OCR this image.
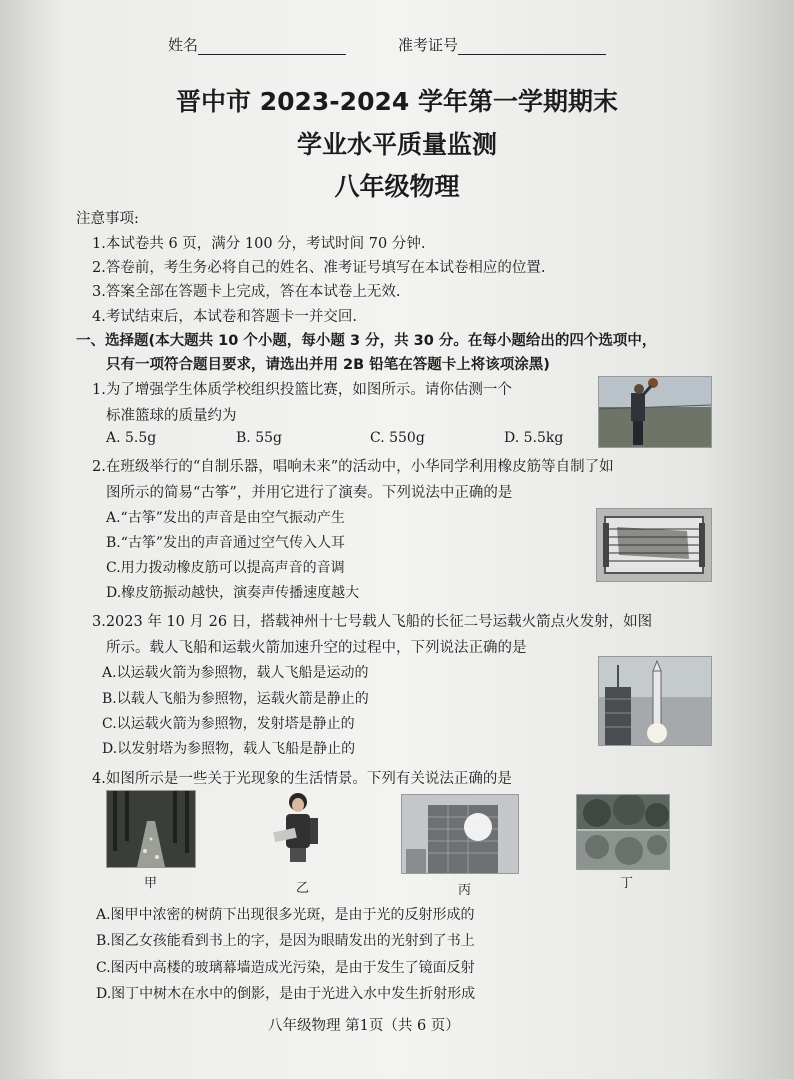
姓名	准考证号
晋中市 2023-2024 学年第一学期期末
学业水平质量监测
八年级物理
注意事项:
1.本试卷共 6 页，满分 100 分，考试时间 70 分钟.
2.答卷前，考生务必将自己的姓名、准考证号填写在本试卷相应的位置.
3.答案全部在答题卡上完成，答在本试卷上无效.
4.考试结束后，本试卷和答题卡一并交回.
一、选择题(本大题共 10 个小题，每小题 3 分，共 30 分。在每小题给出的四个选项中，
只有一项符合题目要求，请选出并用 2B 铅笔在答题卡上将该项涂黑)
1.为了增强学生体质学校组织投篮比赛，如图所示。请你估测一个
标准篮球的质量约为
A. 5.5g	B. 55g	C. 550g	D. 5.5kg
2.在班级举行的“自制乐器，唱响未来”的活动中，小华同学利用橡皮筋等自制了如
图所示的简易“古筝”，并用它进行了演奏。下列说法中正确的是
A.“古筝”发出的声音是由空气振动产生
B.“古筝”发出的声音通过空气传入人耳
C.用力拨动橡皮筋可以提高声音的音调
D.橡皮筋振动越快，演奏声传播速度越大
3.2023 年 10 月 26 日，搭载神州十七号载人飞船的长征二号运载火箭点火发射，如图
所示。载人飞船和运载火箭加速升空的过程中，下列说法正确的是
A.以运载火箭为参照物，载人飞船是运动的
B.以载人飞船为参照物，运载火箭是静止的
C.以运载火箭为参照物，发射塔是静止的
D.以发射塔为参照物，载人飞船是静止的
4.如图所示是一些关于光现象的生活情景。下列有关说法正确的是
甲	乙	丙	丁
A.图甲中浓密的树荫下出现很多光斑，是由于光的反射形成的
B.图乙女孩能看到书上的字，是因为眼睛发出的光射到了书上
C.图丙中高楼的玻璃幕墙造成光污染，是由于发生了镜面反射
D.图丁中树木在水中的倒影，是由于光进入水中发生折射形成
八年级物理 第1页（共 6 页）
